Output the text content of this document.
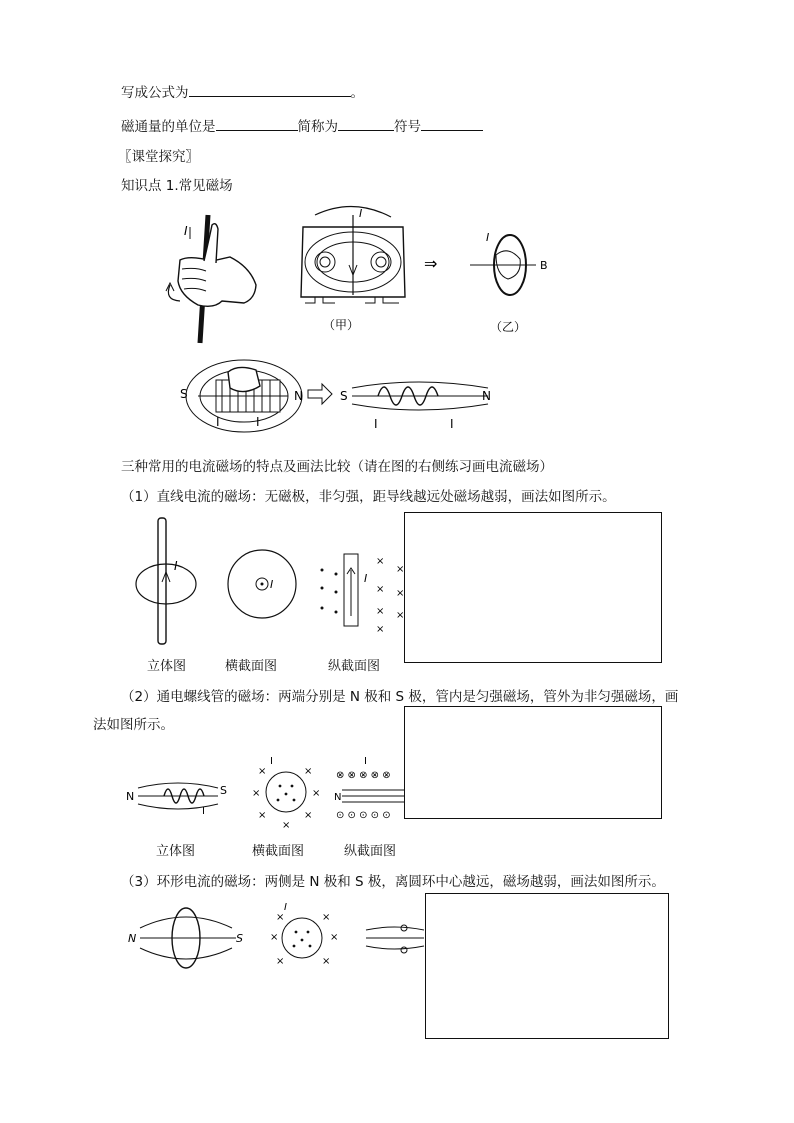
写成公式为	。
磁通量的单位是	简称为	符号
〖课堂探究〗
知识点 1.常见磁场
I
I
（甲）
⇒	B
I
（乙）
S	N
I	I
S	N
I	I
三种常用的电流磁场的特点及画法比较（请在图的右侧练习画电流磁场）
（1）直线电流的磁场：无磁极，非匀强，距导线越远处磁场越弱，画法如图所示。
I
I	I
×
×
× ×
× ×
×
立体图	横截面图	纵截面图
（2）通电螺线管的磁场：两端分别是 N 极和 S 极，管内是匀强磁场，管外为非匀强磁场，画
法如图所示。
N	S
I
I
×	×
×	×
×	×
×
I
⊗ ⊗ ⊗ ⊗ ⊗
N
⊙ ⊙ ⊙ ⊙ ⊙
立体图	横截面图	纵截面图
（3）环形电流的磁场：两侧是 N 极和 S 极，离圆环中心越远，磁场越弱，画法如图所示。
N	S
I
×	×
×	×
×	×
